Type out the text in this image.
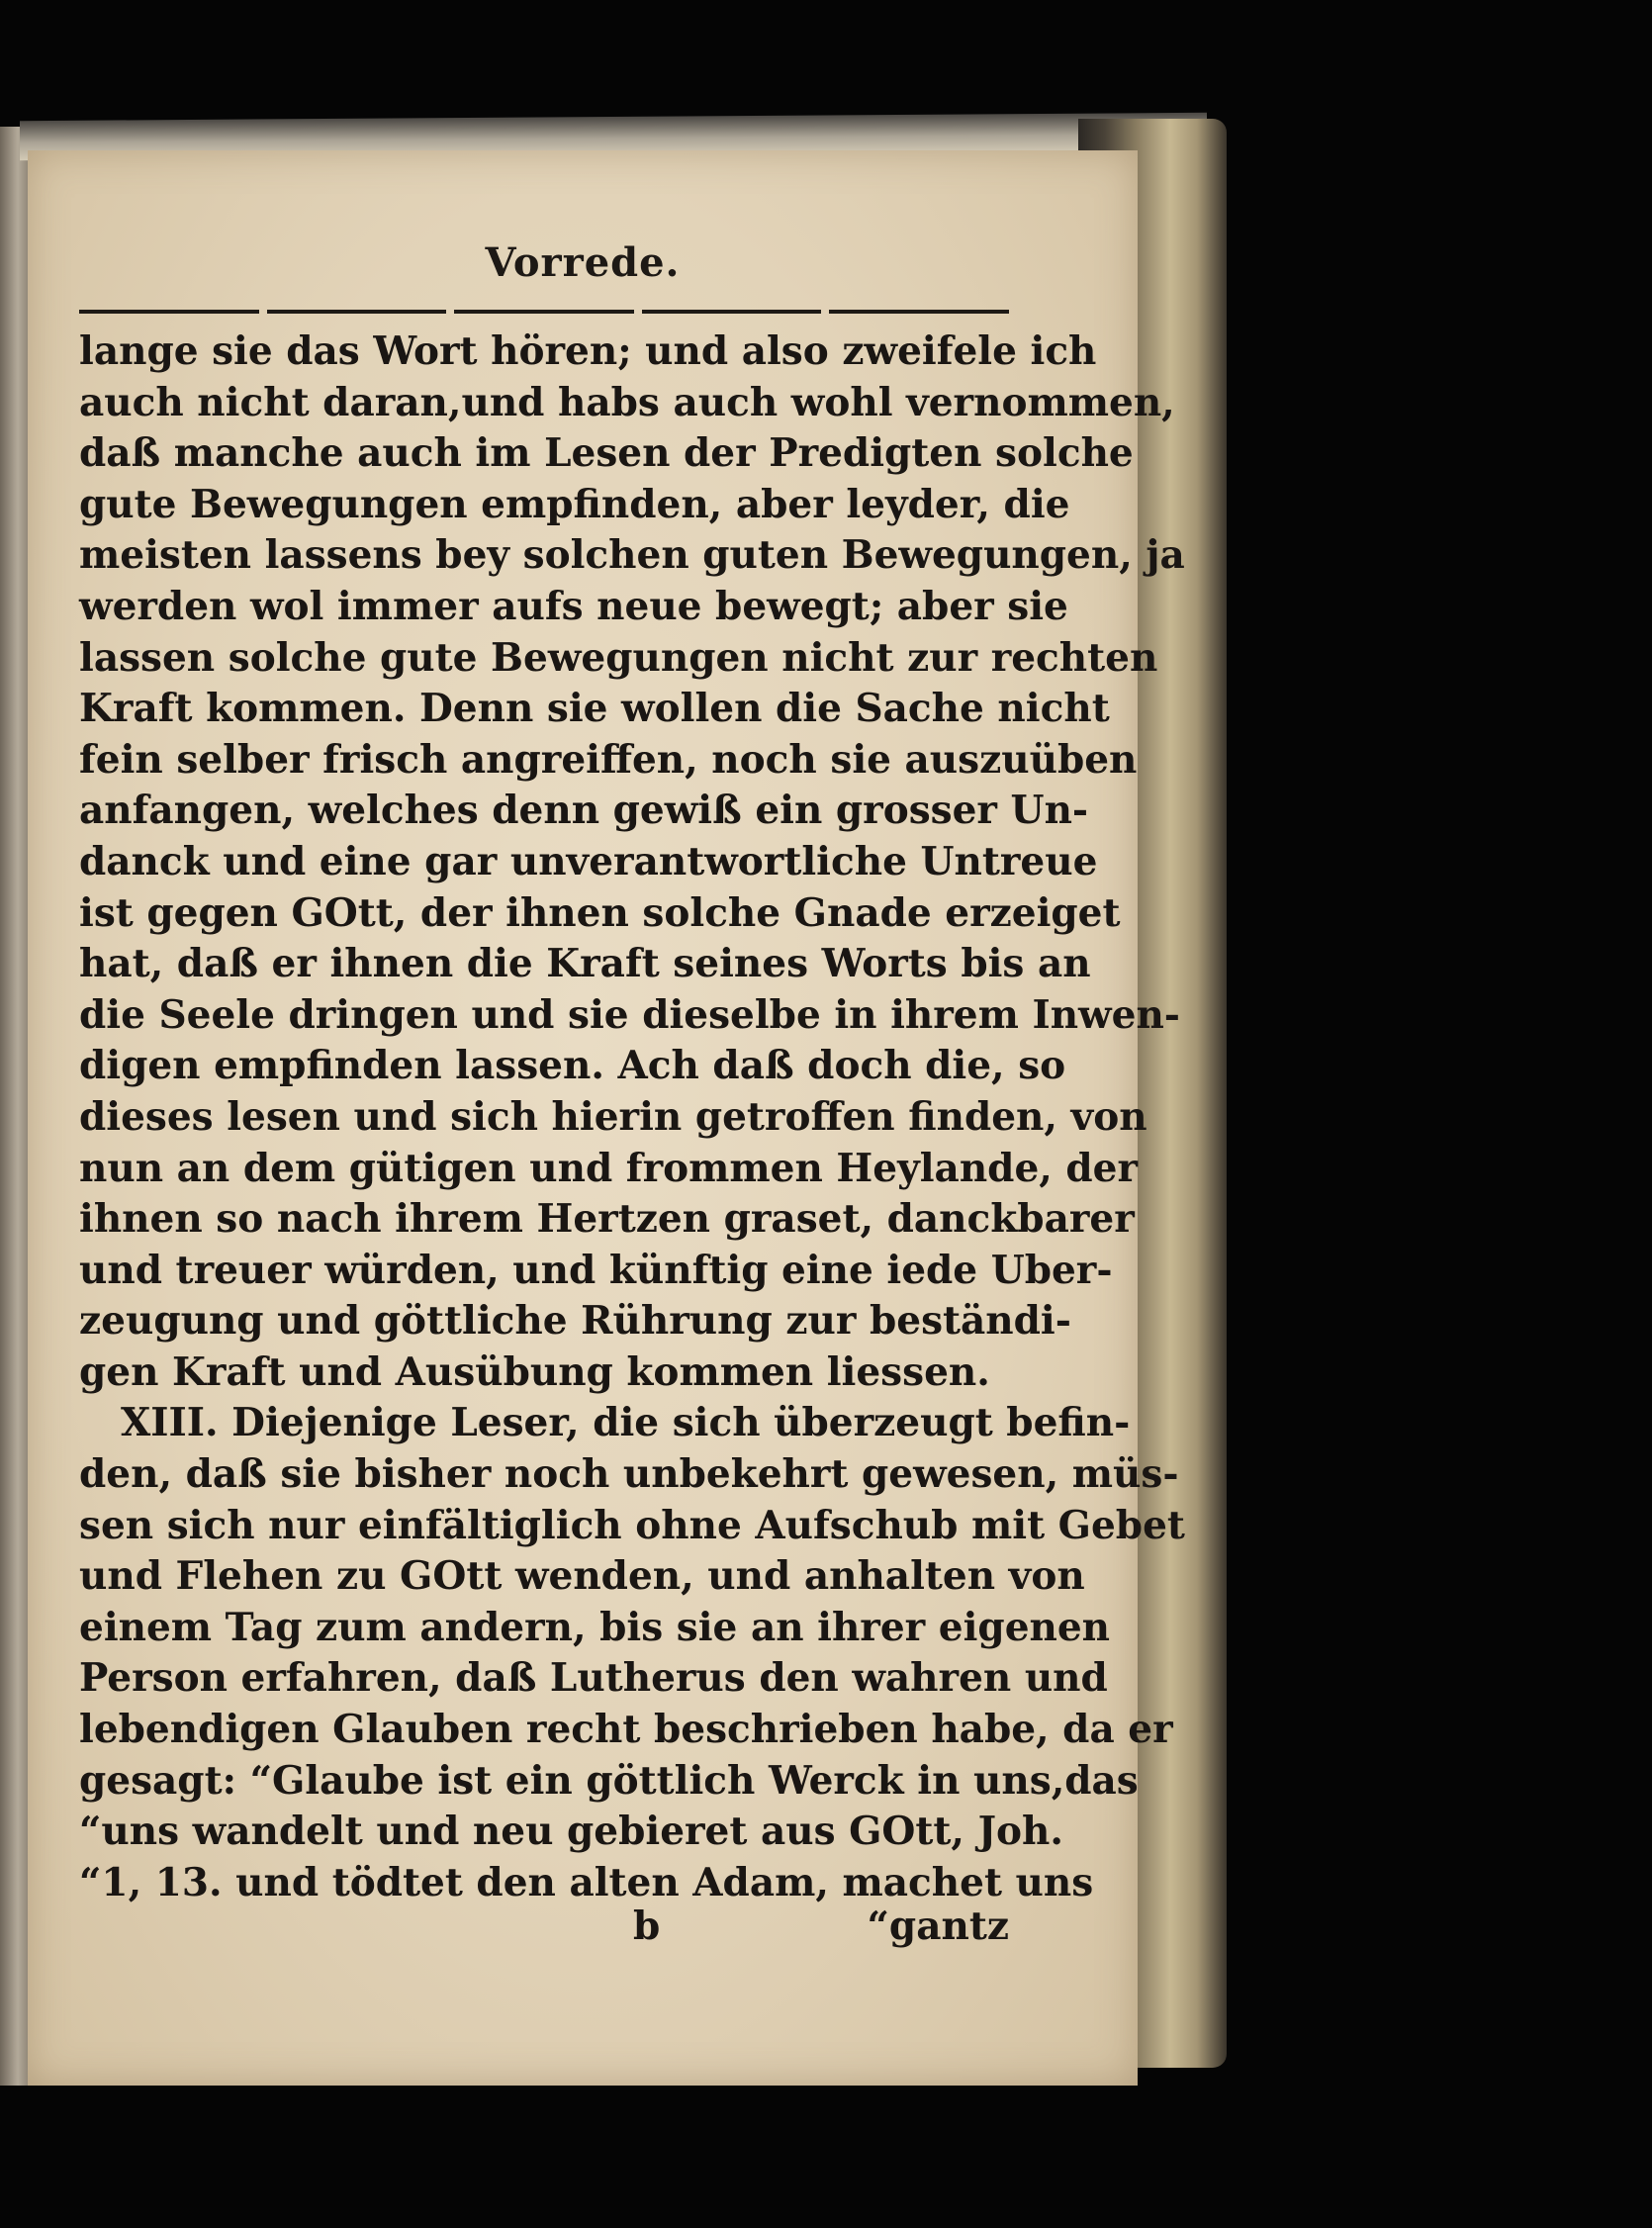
Vorrede.
lange sie das Wort hören; und also zweifele ich
auch nicht daran,und habs auch wohl vernommen,
daß manche auch im Lesen der Predigten solche
gute Bewegungen empfinden, aber leyder, die
meisten lassens bey solchen guten Bewegungen, ja
werden wol immer aufs neue bewegt; aber sie
lassen solche gute Bewegungen nicht zur rechten
Kraft kommen. Denn sie wollen die Sache nicht
fein selber frisch angreiffen, noch sie auszuüben
anfangen, welches denn gewiß ein grosser Un-
danck und eine gar unverantwortliche Untreue
ist gegen GOtt, der ihnen solche Gnade erzeiget
hat, daß er ihnen die Kraft seines Worts bis an
die Seele dringen und sie dieselbe in ihrem Inwen-
digen empfinden lassen. Ach daß doch die, so
dieses lesen und sich hierin getroffen finden, von
nun an dem gütigen und frommen Heylande, der
ihnen so nach ihrem Hertzen graset, danckbarer
und treuer würden, und künftig eine iede Uber-
zeugung und göttliche Rührung zur beständi-
gen Kraft und Ausübung kommen liessen.
XIII. Diejenige Leser, die sich überzeugt befin-
den, daß sie bisher noch unbekehrt gewesen, müs-
sen sich nur einfältiglich ohne Aufschub mit Gebet
und Flehen zu GOtt wenden, und anhalten von
einem Tag zum andern, bis sie an ihrer eigenen
Person erfahren, daß Lutherus den wahren und
lebendigen Glauben recht beschrieben habe, da er
gesagt: “Glaube ist ein göttlich Werck in uns,das
“uns wandelt und neu gebieret aus GOtt, Joh.
“1, 13. und tödtet den alten Adam, machet uns
b	“gantz
